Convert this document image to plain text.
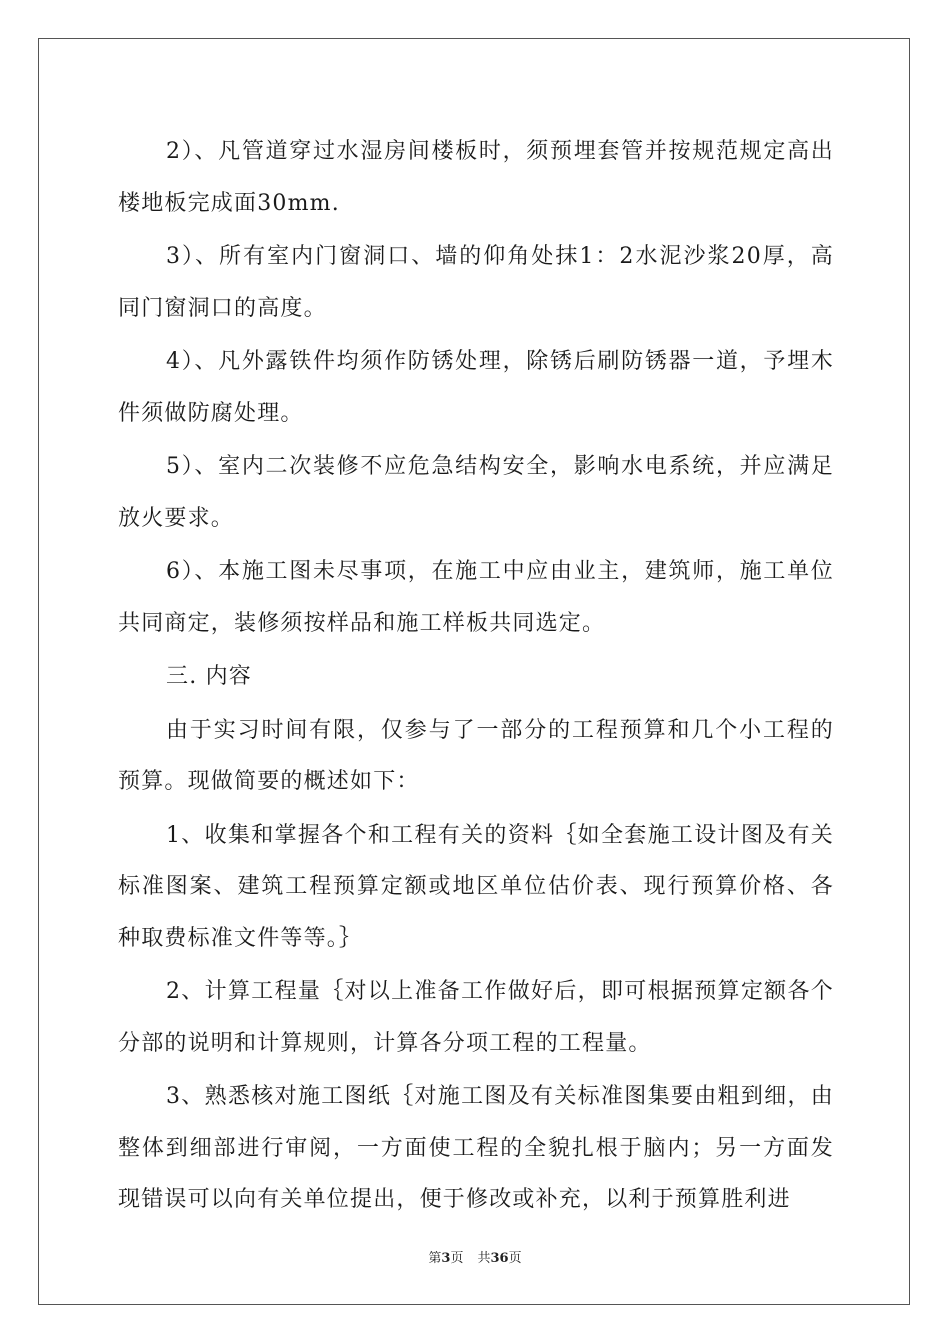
2）、凡管道穿过水湿房间楼板时，须预埋套管并按规范规定高出楼地板完成面30mm.

3）、所有室内门窗洞口、墙的仰角处抹1：2水泥沙浆20厚，高同门窗洞口的高度。

4）、凡外露铁件均须作防锈处理，除锈后刷防锈器一道，予埋木件须做防腐处理。

5）、室内二次装修不应危急结构安全，影响水电系统，并应满足放火要求。

6）、本施工图未尽事项，在施工中应由业主，建筑师，施工单位共同商定，装修须按样品和施工样板共同选定。

三. 内容

由于实习时间有限，仅参与了一部分的工程预算和几个小工程的预算。现做简要的概述如下：

1、收集和掌握各个和工程有关的资料｛如全套施工设计图及有关标准图案、建筑工程预算定额或地区单位估价表、现行预算价格、各种取费标准文件等等。｝

2、计算工程量｛对以上准备工作做好后，即可根据预算定额各个分部的说明和计算规则，计算各分项工程的工程量。

3、熟悉核对施工图纸｛对施工图及有关标准图集要由粗到细，由整体到细部进行审阅，一方面使工程的全貌扎根于脑内；另一方面发现错误可以向有关单位提出，便于修改或补充，以利于预算胜利进

第3页 共36页
